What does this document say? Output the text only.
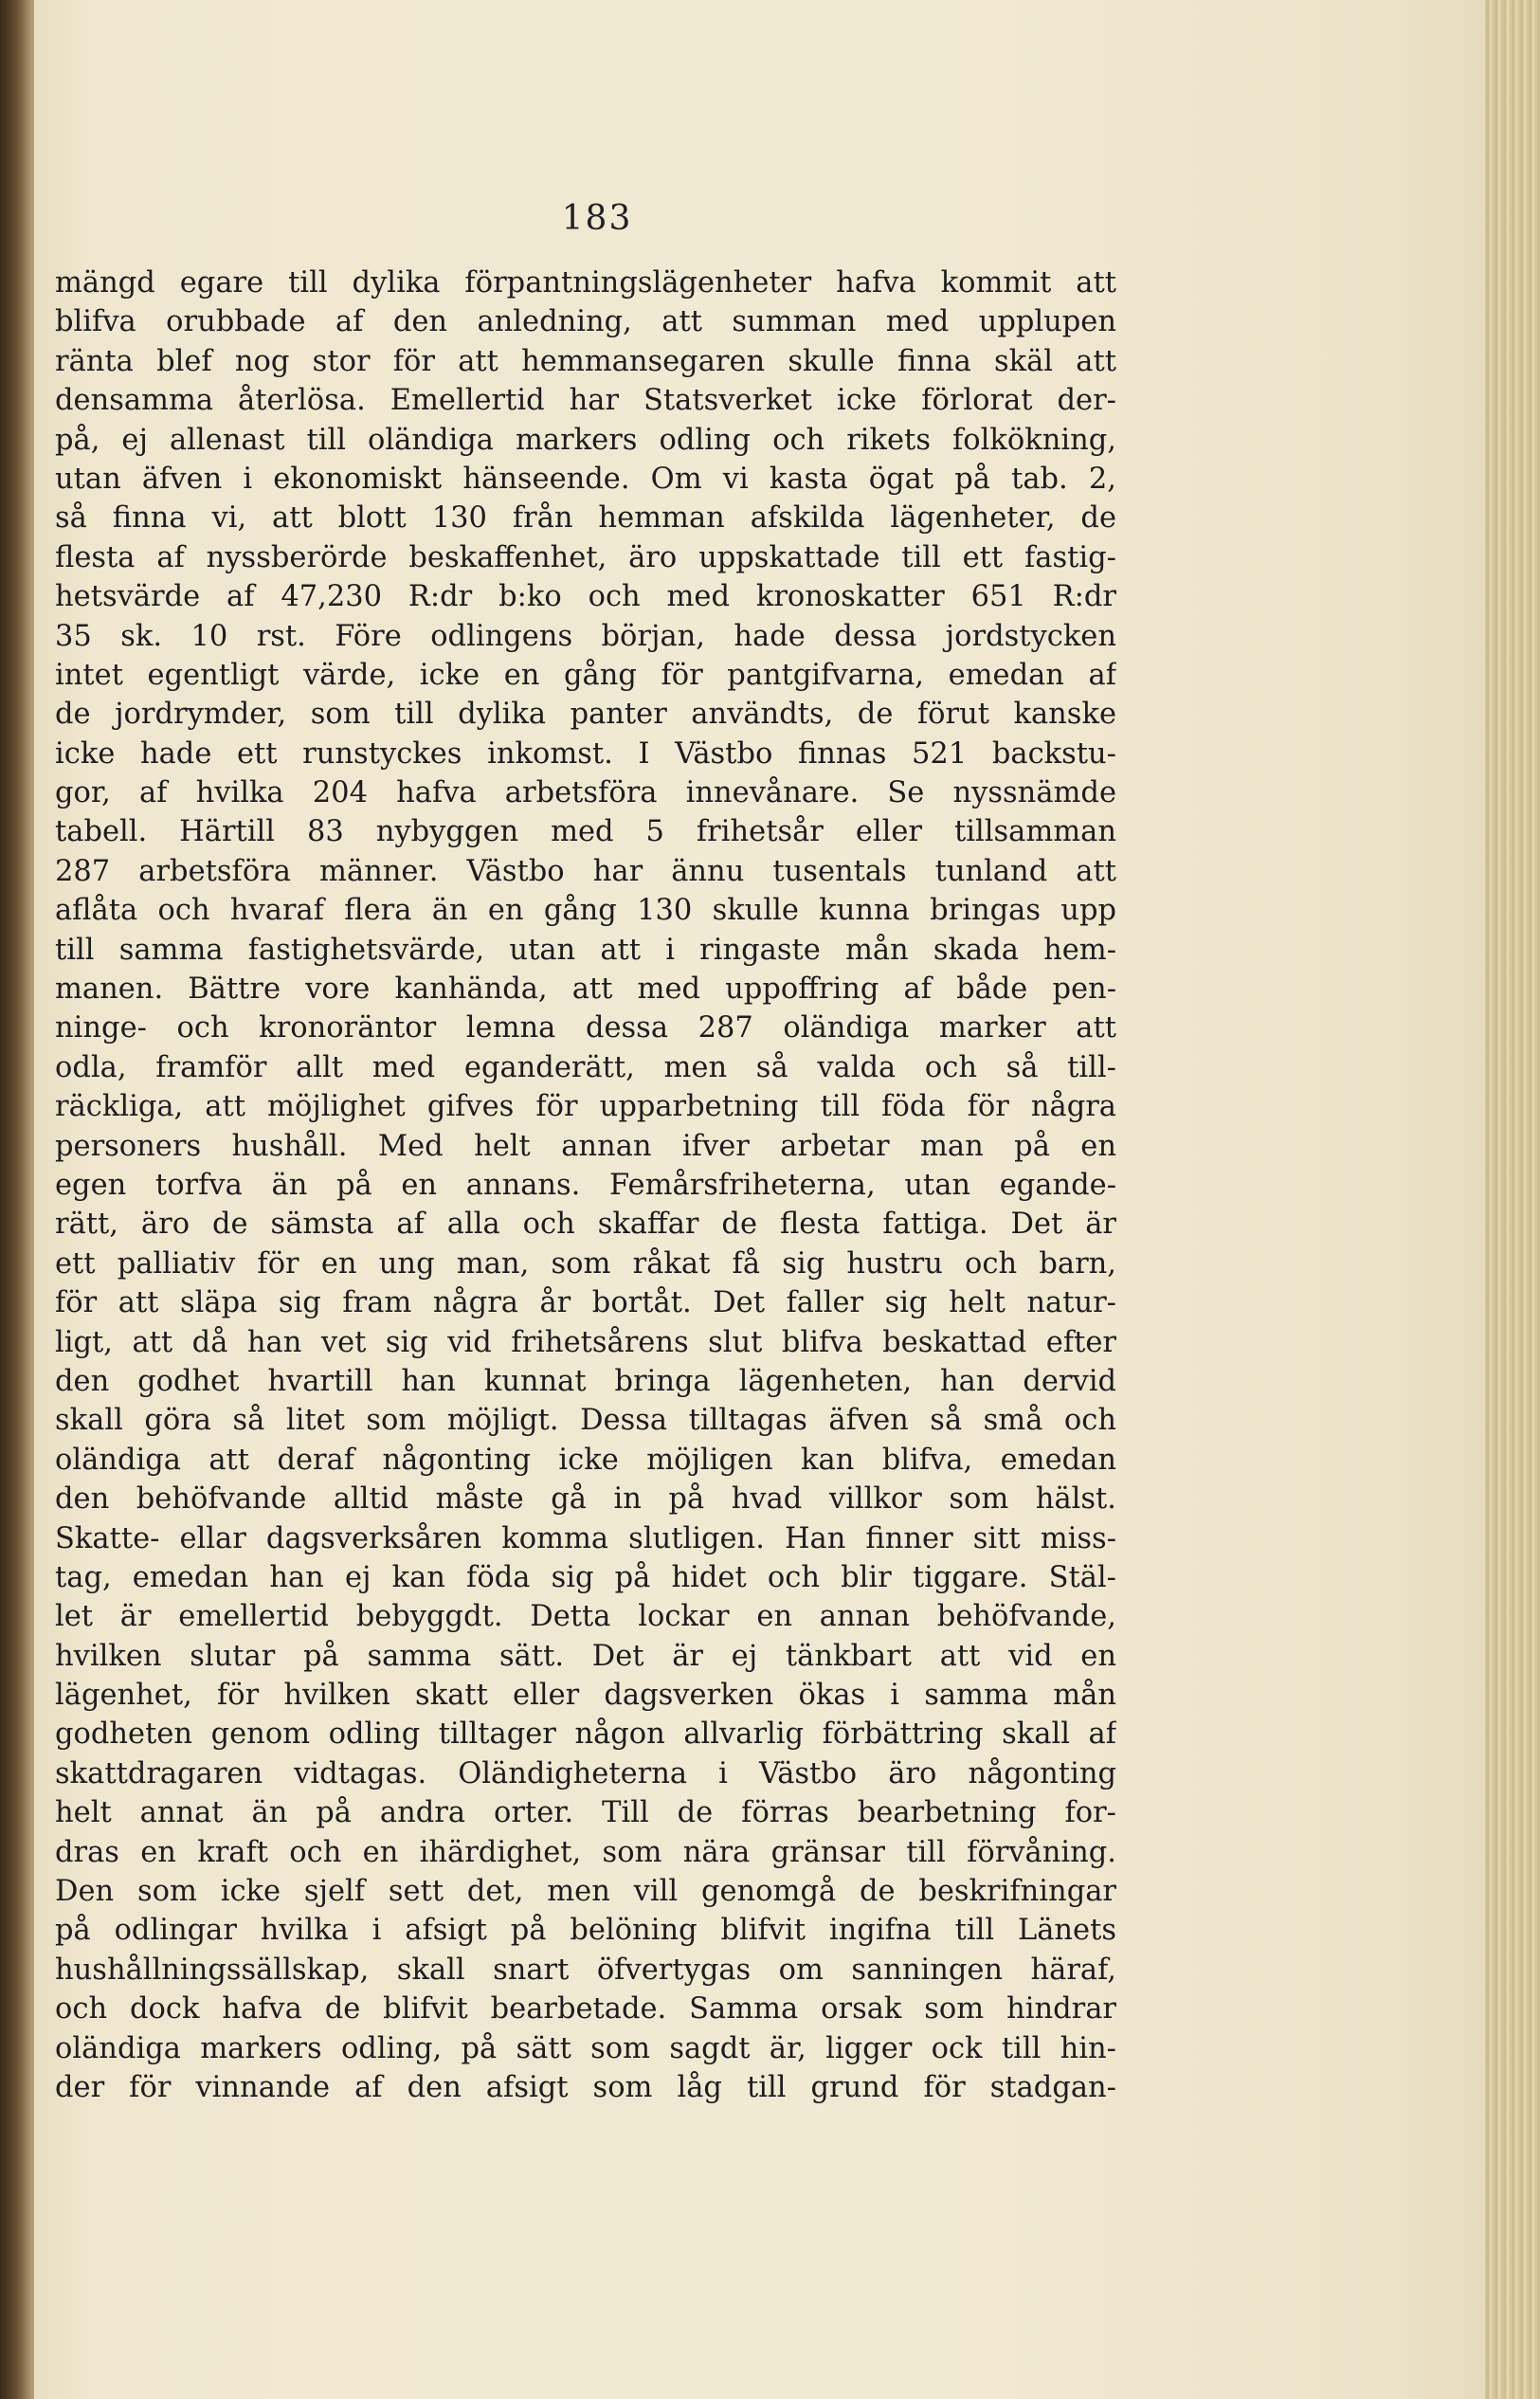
183
mängd egare till dylika förpantningslägenheter hafva kommit att
blifva orubbade af den anledning, att summan med upplupen
ränta blef nog stor för att hemmansegaren skulle finna skäl att
densamma återlösa. Emellertid har Statsverket icke förlorat der-
på, ej allenast till oländiga markers odling och rikets folkökning,
utan äfven i ekonomiskt hänseende. Om vi kasta ögat på tab. 2,
så finna vi, att blott 130 från hemman afskilda lägenheter, de
flesta af nyssberörde beskaffenhet, äro uppskattade till ett fastig-
hetsvärde af 47,230 R:dr b:ko och med kronoskatter 651 R:dr
35 sk. 10 rst. Före odlingens början, hade dessa jordstycken
intet egentligt värde, icke en gång för pantgifvarna, emedan af
de jordrymder, som till dylika panter användts, de förut kanske
icke hade ett runstyckes inkomst. I Västbo finnas 521 backstu-
gor, af hvilka 204 hafva arbetsföra innevånare. Se nyssnämde
tabell. Härtill 83 nybyggen med 5 frihetsår eller tillsamman
287 arbetsföra männer. Västbo har ännu tusentals tunland att
aflåta och hvaraf flera än en gång 130 skulle kunna bringas upp
till samma fastighetsvärde, utan att i ringaste mån skada hem-
manen. Bättre vore kanhända, att med uppoffring af både pen-
ninge- och kronoräntor lemna dessa 287 oländiga marker att
odla, framför allt med eganderätt, men så valda och så till-
räckliga, att möjlighet gifves för upparbetning till föda för några
personers hushåll. Med helt annan ifver arbetar man på en
egen torfva än på en annans. Femårsfriheterna, utan egande-
rätt, äro de sämsta af alla och skaffar de flesta fattiga. Det är
ett palliativ för en ung man, som råkat få sig hustru och barn,
för att släpa sig fram några år bortåt. Det faller sig helt natur-
ligt, att då han vet sig vid frihetsårens slut blifva beskattad efter
den godhet hvartill han kunnat bringa lägenheten, han dervid
skall göra så litet som möjligt. Dessa tilltagas äfven så små och
oländiga att deraf någonting icke möjligen kan blifva, emedan
den behöfvande alltid måste gå in på hvad villkor som hälst.
Skatte- ellar dagsverksåren komma slutligen. Han finner sitt miss-
tag, emedan han ej kan föda sig på hidet och blir tiggare. Stäl-
let är emellertid bebyggdt. Detta lockar en annan behöfvande,
hvilken slutar på samma sätt. Det är ej tänkbart att vid en
lägenhet, för hvilken skatt eller dagsverken ökas i samma mån
godheten genom odling tilltager någon allvarlig förbättring skall af
skattdragaren vidtagas. Oländigheterna i Västbo äro någonting
helt annat än på andra orter. Till de förras bearbetning for-
dras en kraft och en ihärdighet, som nära gränsar till förvåning.
Den som icke sjelf sett det, men vill genomgå de beskrifningar
på odlingar hvilka i afsigt på belöning blifvit ingifna till Länets
hushållningssällskap, skall snart öfvertygas om sanningen häraf,
och dock hafva de blifvit bearbetade. Samma orsak som hindrar
oländiga markers odling, på sätt som sagdt är, ligger ock till hin-
der för vinnande af den afsigt som låg till grund för stadgan-
